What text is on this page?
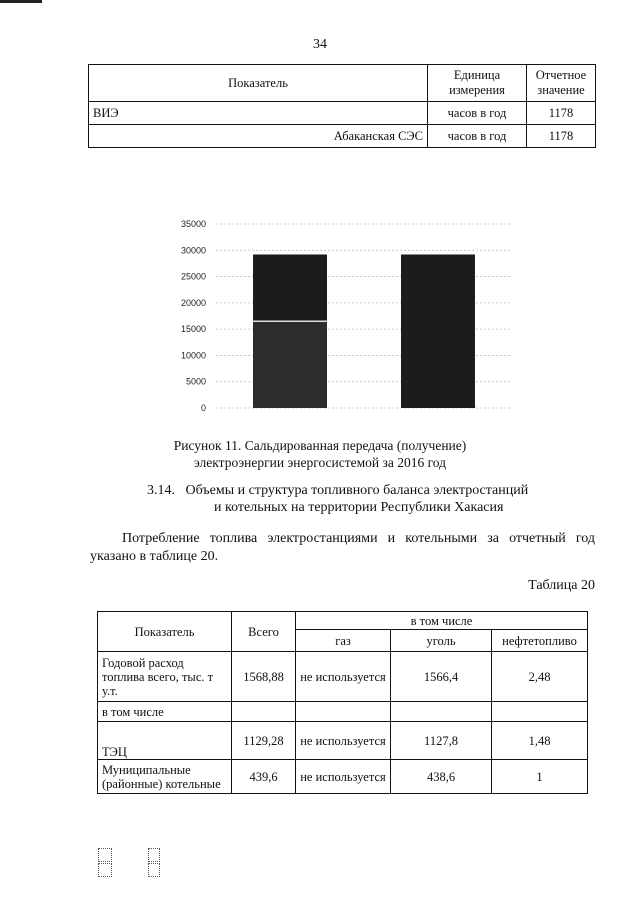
34
Показатель	Единица измерения	Отчетное значение
ВИЭ	часов в год	1178
Абаканская СЭС	часов в год	1178
35000
30000
25000
20000
15000
10000
5000
0
Рисунок 11. Сальдированная передача (получение)
электроэнергии энергосистемой за 2016 год
3.14.   Объемы и структура топливного баланса электростанций
и котельных на территории Республики Хакасия
Потребление топлива электростанциями и котельными за отчетный год указано в таблице 20.
Таблица 20
Показатель	Всего	в том числе		
		газ	уголь	нефтетопливо
Годовой расход топлива всего, тыс. т у.т.	1568,88	не используется	1566,4	2,48
в том числе				
ТЭЦ	1129,28	не используется	1127,8	1,48
Муниципальные (районные) котельные	439,6	не используется	438,6	1
